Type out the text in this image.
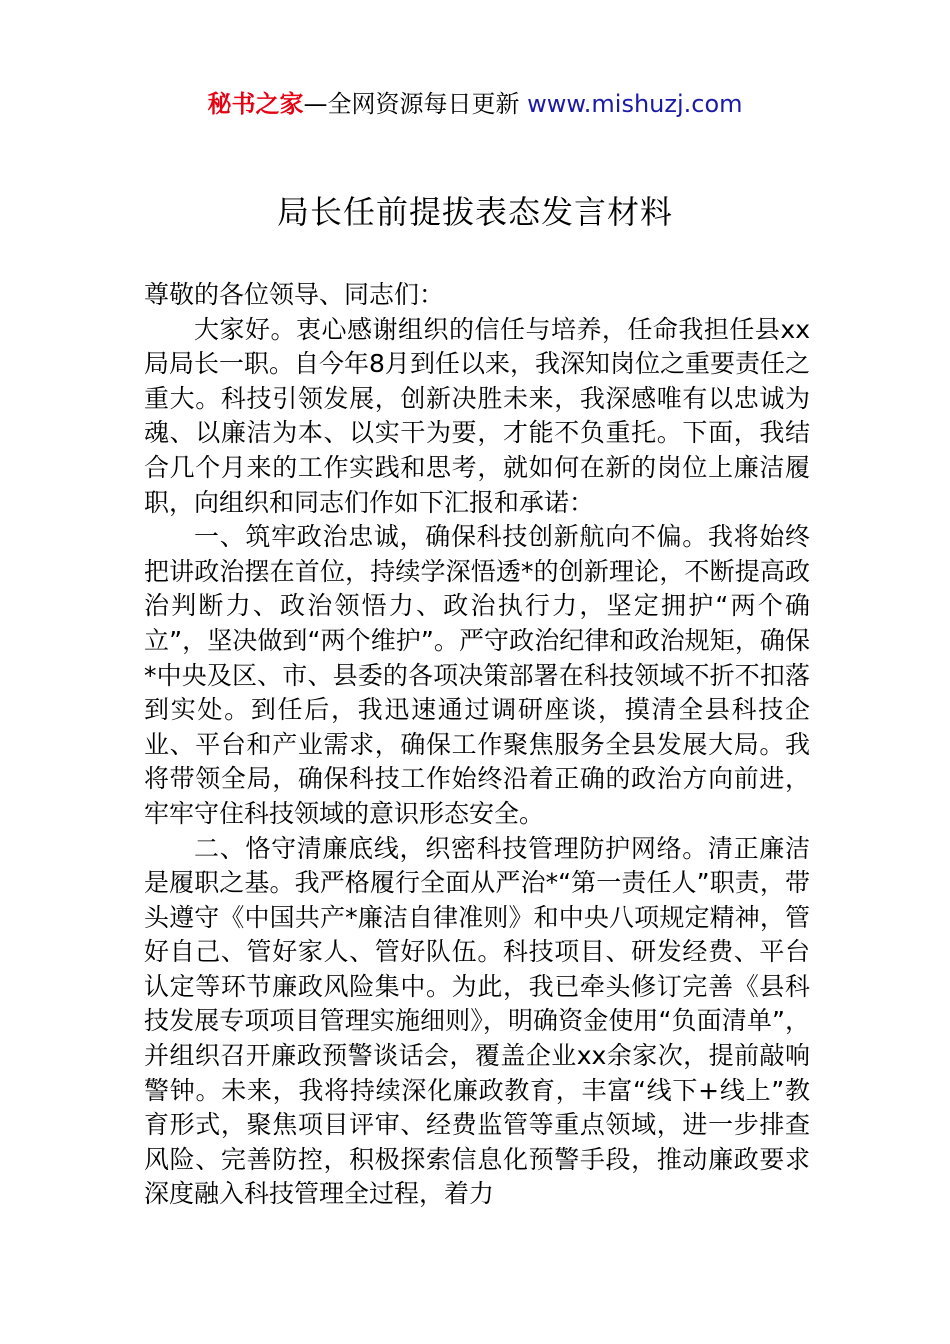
秘书之家—全网资源每日更新 www.mishuzj.com
局长任前提拔表态发言材料

尊敬的各位领导、同志们：

大家好。衷心感谢组织的信任与培养，任命我担任县xx局局长一职。自今年8月到任以来，我深知岗位之重要责任之重大。科技引领发展，创新决胜未来，我深感唯有以忠诚为魂、以廉洁为本、以实干为要，才能不负重托。下面，我结合几个月来的工作实践和思考，就如何在新的岗位上廉洁履职，向组织和同志们作如下汇报和承诺：

一、筑牢政治忠诚，确保科技创新航向不偏。我将始终把讲政治摆在首位，持续学深悟透*的创新理论，不断提高政治判断力、政治领悟力、政治执行力，坚定拥护“两个确立”，坚决做到“两个维护”。严守政治纪律和政治规矩，确保*中央及区、市、县委的各项决策部署在科技领域不折不扣落到实处。到任后，我迅速通过调研座谈，摸清全县科技企业、平台和产业需求，确保工作聚焦服务全县发展大局。我将带领全局，确保科技工作始终沿着正确的政治方向前进，牢牢守住科技领域的意识形态安全。

二、恪守清廉底线，织密科技管理防护网络。清正廉洁是履职之基。我严格履行全面从严治*“第一责任人”职责，带头遵守《中国共产*廉洁自律准则》和中央八项规定精神，管好自己、管好家人、管好队伍。科技项目、研发经费、平台认定等环节廉政风险集中。为此，我已牵头修订完善《县科技发展专项项目管理实施细则》，明确资金使用“负面清单”，并组织召开廉政预警谈话会，覆盖企业xx余家次，提前敲响警钟。未来，我将持续深化廉政教育，丰富“线下+线上”教育形式，聚焦项目评审、经费监管等重点领域，进一步排查风险、完善防控，积极探索信息化预警手段，推动廉政要求深度融入科技管理全过程，着力
